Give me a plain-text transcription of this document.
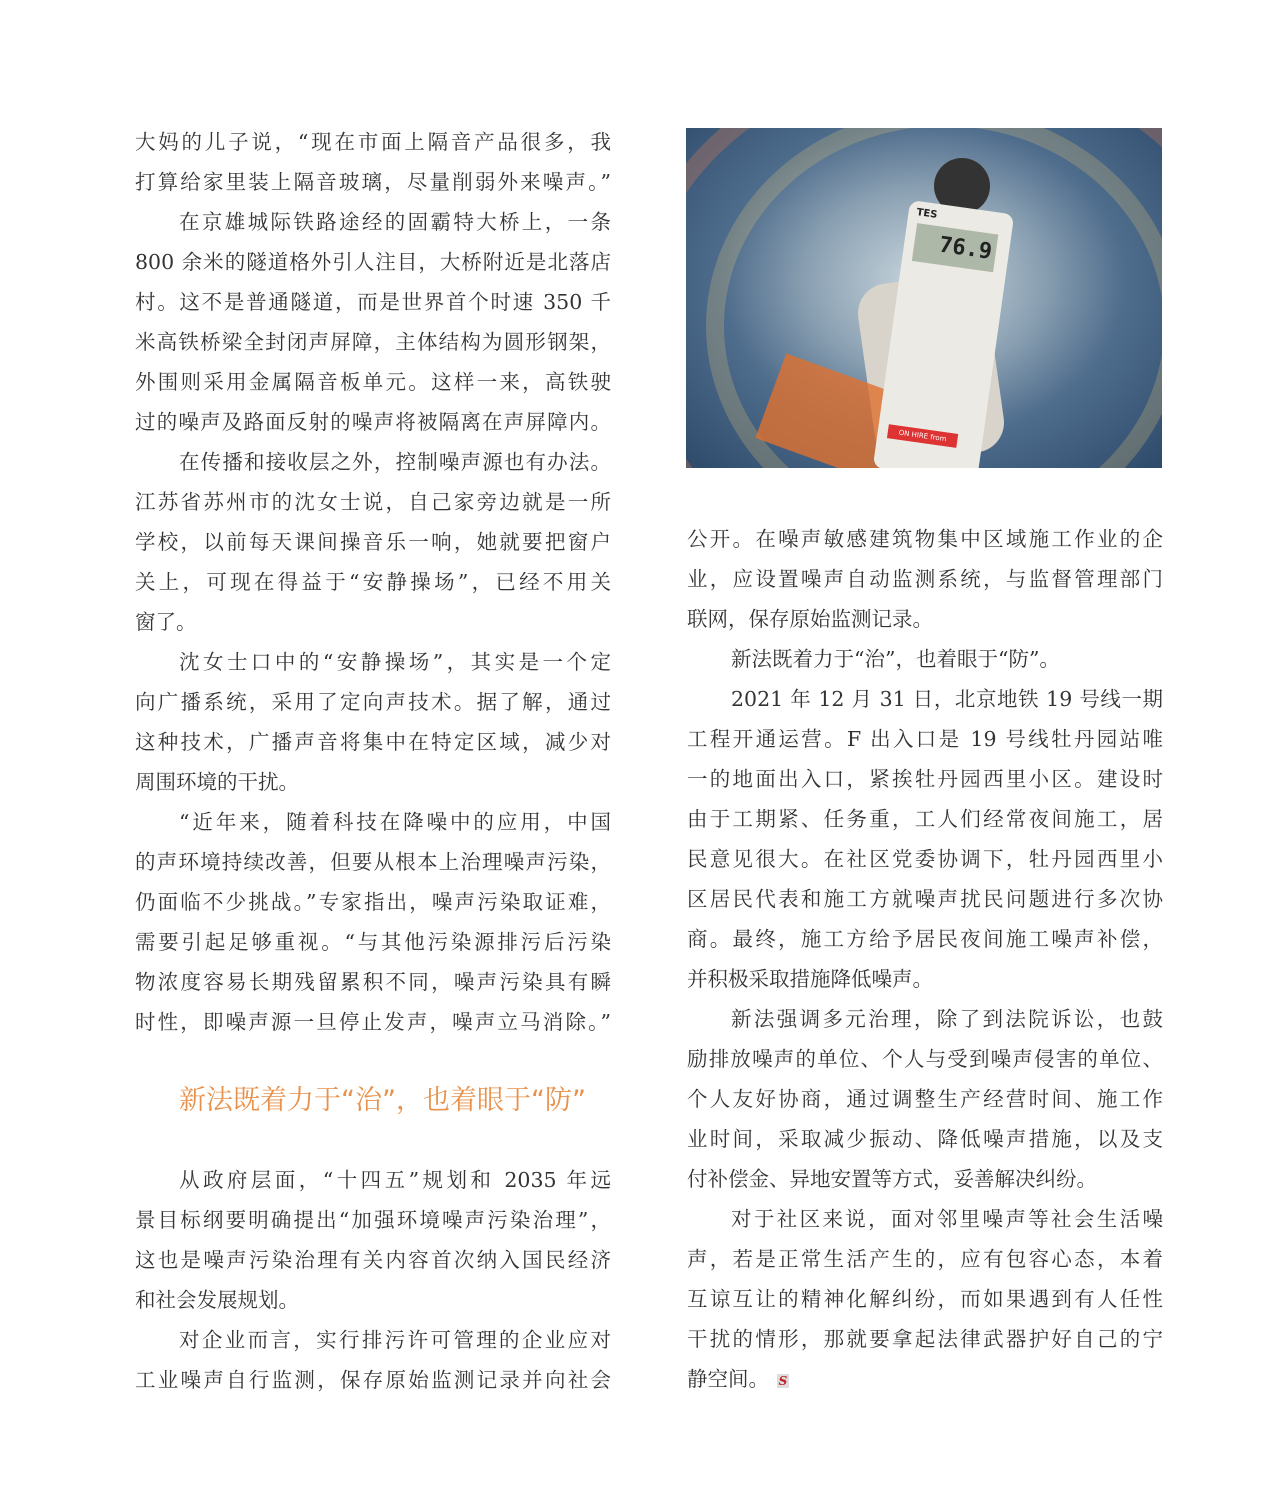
大妈的儿子说，“现在市面上隔音产品很多，我
打算给家里装上隔音玻璃，尽量削弱外来噪声。”
在京雄城际铁路途经的固霸特大桥上，一条
800 余米的隧道格外引人注目，大桥附近是北落店
村。这不是普通隧道，而是世界首个时速 350 千
米高铁桥梁全封闭声屏障，主体结构为圆形钢架，
外围则采用金属隔音板单元。这样一来，高铁驶
过的噪声及路面反射的噪声将被隔离在声屏障内。
在传播和接收层之外，控制噪声源也有办法。
江苏省苏州市的沈女士说，自己家旁边就是一所
学校，以前每天课间操音乐一响，她就要把窗户
关上，可现在得益于“安静操场”，已经不用关
窗了。
沈女士口中的“安静操场”，其实是一个定
向广播系统，采用了定向声技术。据了解，通过
这种技术，广播声音将集中在特定区域，减少对
周围环境的干扰。
“近年来，随着科技在降噪中的应用，中国
的声环境持续改善，但要从根本上治理噪声污染，
仍面临不少挑战。”专家指出，噪声污染取证难，
需要引起足够重视。“与其他污染源排污后污染
物浓度容易长期残留累积不同，噪声污染具有瞬
时性，即噪声源一旦停止发声，噪声立马消除。”
新法既着力于“治”，也着眼于“防”
从政府层面，“十四五”规划和 2035 年远
景目标纲要明确提出“加强环境噪声污染治理”，
这也是噪声污染治理有关内容首次纳入国民经济
和社会发展规划。
对企业而言，实行排污许可管理的企业应对
工业噪声自行监测，保存原始监测记录并向社会
TES
76.9
ON HIRE from
公开。在噪声敏感建筑物集中区域施工作业的企
业，应设置噪声自动监测系统，与监督管理部门
联网，保存原始监测记录。
新法既着力于“治”，也着眼于“防”。
2021 年 12 月 31 日，北京地铁 19 号线一期
工程开通运营。F 出入口是 19 号线牡丹园站唯
一的地面出入口，紧挨牡丹园西里小区。建设时
由于工期紧、任务重，工人们经常夜间施工，居
民意见很大。在社区党委协调下，牡丹园西里小
区居民代表和施工方就噪声扰民问题进行多次协
商。最终，施工方给予居民夜间施工噪声补偿，
并积极采取措施降低噪声。
新法强调多元治理，除了到法院诉讼，也鼓
励排放噪声的单位、个人与受到噪声侵害的单位、
个人友好协商，通过调整生产经营时间、施工作
业时间，采取减少振动、降低噪声措施，以及支
付补偿金、异地安置等方式，妥善解决纠纷。
对于社区来说，面对邻里噪声等社会生活噪
声，若是正常生活产生的，应有包容心态，本着
互谅互让的精神化解纠纷，而如果遇到有人任性
干扰的情形，那就要拿起法律武器护好自己的宁
静空间。 S
